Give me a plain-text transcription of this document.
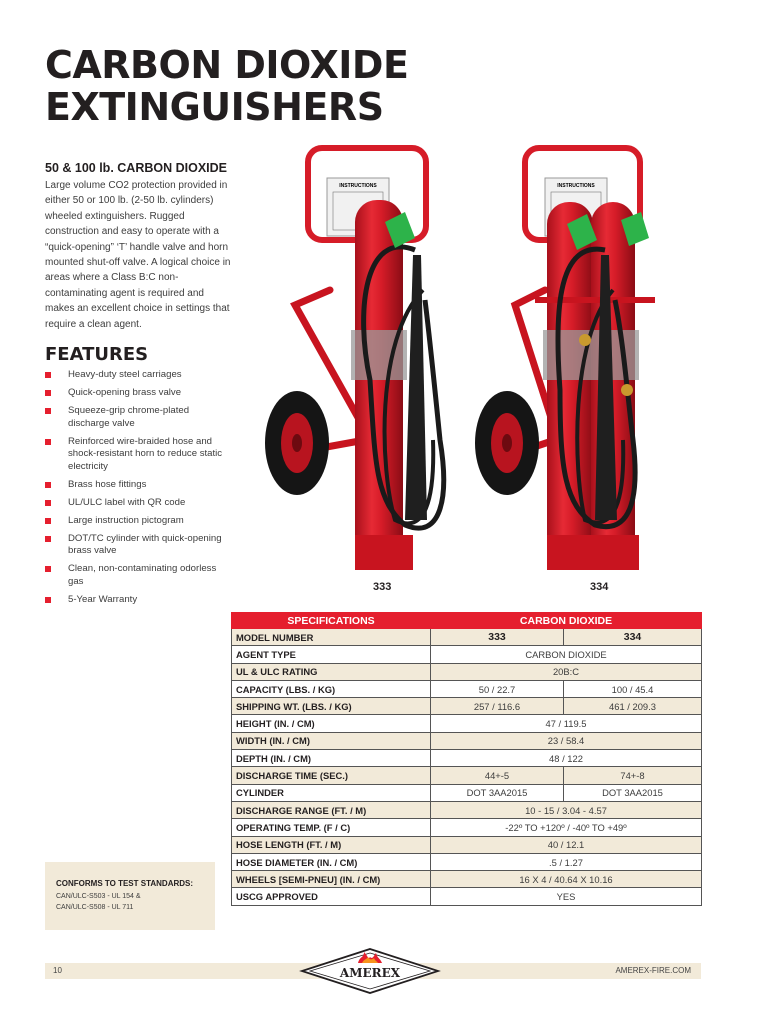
CARBON DIOXIDE
EXTINGUISHERS
50 & 100 lb. CARBON DIOXIDE

Large volume CO2 protection provided in either 50 or 100 lb. (2-50 lb. cylinders) wheeled extinguishers. Rugged construction and easy to operate with a “quick-opening” ‘T’ handle valve and horn mounted shut-off valve. A logical choice in areas where a Class B:C non-contaminating agent is required and makes an excellent choice in settings that require a clean agent.

FEATURES
Heavy-duty steel carriages
Quick-opening brass valve
Squeeze-grip chrome-plated discharge valve
Reinforced wire-braided hose and shock-resistant horn to reduce static electricity
Brass hose fittings
UL/ULC label with QR code
Large instruction pictogram
DOT/TC cylinder with quick-opening brass valve
Clean, non-contaminating odorless gas
5-Year Warranty
CONFORMS TO TEST STANDARDS:
CAN/ULC-S503 - UL 154 &
CAN/ULC-S508 - UL 711
INSTRUCTIONS	INSTRUCTIONS
333	334
SPECIFICATIONS	CARBON DIOXIDE	
MODEL NUMBER	333	334
AGENT TYPE	CARBON DIOXIDE	
UL & ULC RATING	20B:C	
CAPACITY (LBS. / KG)	50 / 22.7	100 / 45.4
SHIPPING WT. (LBS. / KG)	257 / 116.6	461 / 209.3
HEIGHT (IN. / CM)	47 / 119.5	
WIDTH (IN. / CM)	23 / 58.4	
DEPTH (IN. / CM)	48 / 122	
DISCHARGE TIME (SEC.)	44+-5	74+-8
CYLINDER	DOT 3AA2015	DOT 3AA2015
DISCHARGE RANGE (FT. / M)	10 - 15 / 3.04 - 4.57	
OPERATING TEMP. (F / C)	-22º TO +120º / -40º TO +49º	
HOSE LENGTH (FT. / M)	40 / 12.1	
HOSE DIAMETER (IN. / CM)	.5 / 1.27	
WHEELS [SEMI-PNEU] (IN. / CM)	16 X 4 / 40.64 X 10.16	
USCG APPROVED	YES	
10	AMEREX-FIRE.COM
AMEREX
